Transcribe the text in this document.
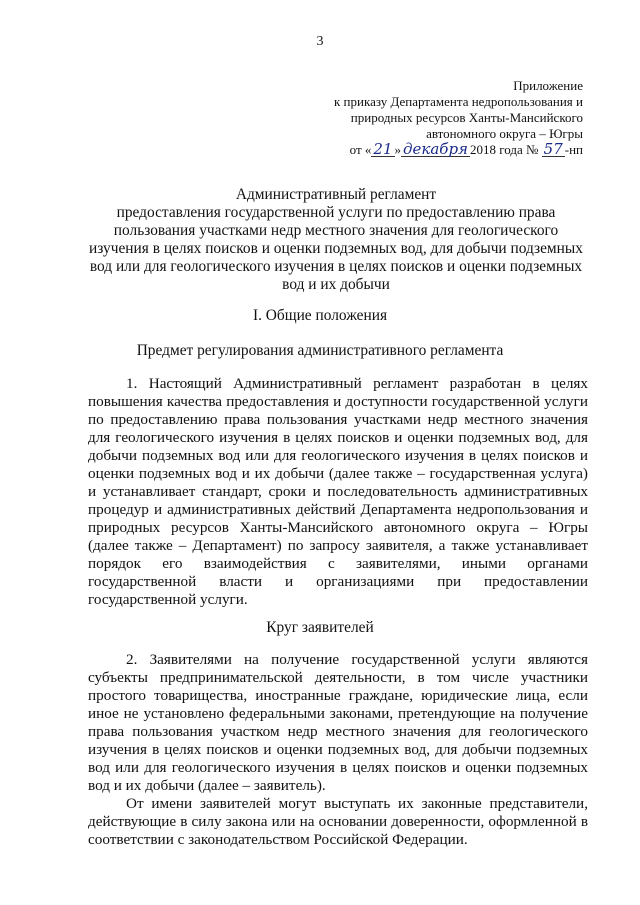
3
Приложение
к приказу Департамента недропользования и
природных ресурсов Ханты-Мансийского
автономного округа – Югры
от « 21 » декабря 2018 года № 57 -нп
Административный регламент
предоставления государственной услуги по предоставлению права пользования участками недр местного значения для геологического изучения в целях поисков и оценки подземных вод, для добычи подземных вод или для геологического изучения в целях поисков и оценки подземных вод и их добычи
I. Общие положения
Предмет регулирования административного регламента
1. Настоящий Административный регламент разработан в целях повышения качества предоставления и доступности государственной услуги по предоставлению права пользования участками недр местного значения для геологического изучения в целях поисков и оценки подземных вод, для добычи подземных вод или для геологического изучения в целях поисков и оценки подземных вод и их добычи (далее также – государственная услуга) и устанавливает стандарт, сроки и последовательность административных процедур и административных действий Департамента недропользования и природных ресурсов Ханты-Мансийского автономного округа – Югры (далее также – Департамент) по запросу заявителя, а также устанавливает порядок его взаимодействия с заявителями, иными органами государственной власти и организациями при предоставлении государственной услуги.
Круг заявителей
2. Заявителями на получение государственной услуги являются субъекты предпринимательской деятельности, в том числе участники простого товарищества, иностранные граждане, юридические лица, если иное не установлено федеральными законами, претендующие на получение права пользования участком недр местного значения для геологического изучения в целях поисков и оценки подземных вод, для добычи подземных вод или для геологического изучения в целях поисков и оценки подземных вод и их добычи (далее – заявитель).
От имени заявителей могут выступать их законные представители, действующие в силу закона или на основании доверенности, оформленной в соответствии с законодательством Российской Федерации.
